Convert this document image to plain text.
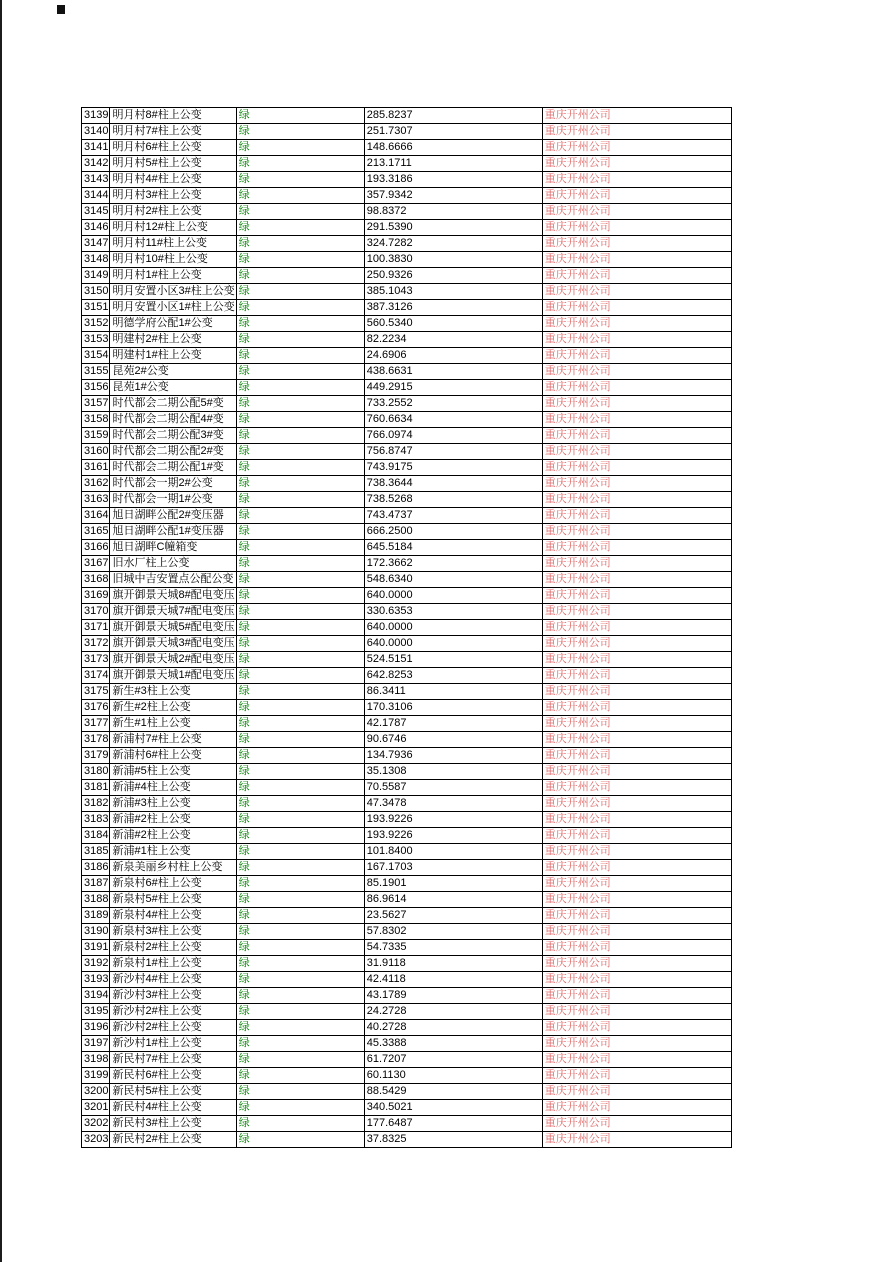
3139	明月村8#柱上公变	绿	285.8237	重庆开州公司
3140	明月村7#柱上公变	绿	251.7307	重庆开州公司
3141	明月村6#柱上公变	绿	148.6666	重庆开州公司
3142	明月村5#柱上公变	绿	213.1711	重庆开州公司
3143	明月村4#柱上公变	绿	193.3186	重庆开州公司
3144	明月村3#柱上公变	绿	357.9342	重庆开州公司
3145	明月村2#柱上公变	绿	98.8372	重庆开州公司
3146	明月村12#柱上公变	绿	291.5390	重庆开州公司
3147	明月村11#柱上公变	绿	324.7282	重庆开州公司
3148	明月村10#柱上公变	绿	100.3830	重庆开州公司
3149	明月村1#柱上公变	绿	250.9326	重庆开州公司
3150	明月安置小区3#柱上公变	绿	385.1043	重庆开州公司
3151	明月安置小区1#柱上公变	绿	387.3126	重庆开州公司
3152	明德学府公配1#公变	绿	560.5340	重庆开州公司
3153	明建村2#柱上公变	绿	82.2234	重庆开州公司
3154	明建村1#柱上公变	绿	24.6906	重庆开州公司
3155	昆苑2#公变	绿	438.6631	重庆开州公司
3156	昆苑1#公变	绿	449.2915	重庆开州公司
3157	时代都会二期公配5#变	绿	733.2552	重庆开州公司
3158	时代都会二期公配4#变	绿	760.6634	重庆开州公司
3159	时代都会二期公配3#变	绿	766.0974	重庆开州公司
3160	时代都会二期公配2#变	绿	756.8747	重庆开州公司
3161	时代都会二期公配1#变	绿	743.9175	重庆开州公司
3162	时代都会一期2#公变	绿	738.3644	重庆开州公司
3163	时代都会一期1#公变	绿	738.5268	重庆开州公司
3164	旭日湖畔公配2#变压器	绿	743.4737	重庆开州公司
3165	旭日湖畔公配1#变压器	绿	666.2500	重庆开州公司
3166	旭日湖畔C幢箱变	绿	645.5184	重庆开州公司
3167	旧水厂柱上公变	绿	172.3662	重庆开州公司
3168	旧城中吉安置点公配公变	绿	548.6340	重庆开州公司
3169	旗开御景天城8#配电变压	绿	640.0000	重庆开州公司
3170	旗开御景天城7#配电变压	绿	330.6353	重庆开州公司
3171	旗开御景天城5#配电变压	绿	640.0000	重庆开州公司
3172	旗开御景天城3#配电变压	绿	640.0000	重庆开州公司
3173	旗开御景天城2#配电变压	绿	524.5151	重庆开州公司
3174	旗开御景天城1#配电变压	绿	642.8253	重庆开州公司
3175	新生#3柱上公变	绿	86.3411	重庆开州公司
3176	新生#2柱上公变	绿	170.3106	重庆开州公司
3177	新生#1柱上公变	绿	42.1787	重庆开州公司
3178	新浦村7#柱上公变	绿	90.6746	重庆开州公司
3179	新浦村6#柱上公变	绿	134.7936	重庆开州公司
3180	新浦#5柱上公变	绿	35.1308	重庆开州公司
3181	新浦#4柱上公变	绿	70.5587	重庆开州公司
3182	新浦#3柱上公变	绿	47.3478	重庆开州公司
3183	新浦#2柱上公变	绿	193.9226	重庆开州公司
3184	新浦#2柱上公变	绿	193.9226	重庆开州公司
3185	新浦#1柱上公变	绿	101.8400	重庆开州公司
3186	新泉美丽乡村柱上公变	绿	167.1703	重庆开州公司
3187	新泉村6#柱上公变	绿	85.1901	重庆开州公司
3188	新泉村5#柱上公变	绿	86.9614	重庆开州公司
3189	新泉村4#柱上公变	绿	23.5627	重庆开州公司
3190	新泉村3#柱上公变	绿	57.8302	重庆开州公司
3191	新泉村2#柱上公变	绿	54.7335	重庆开州公司
3192	新泉村1#柱上公变	绿	31.9118	重庆开州公司
3193	新沙村4#柱上公变	绿	42.4118	重庆开州公司
3194	新沙村3#柱上公变	绿	43.1789	重庆开州公司
3195	新沙村2#柱上公变	绿	24.2728	重庆开州公司
3196	新沙村2#柱上公变	绿	40.2728	重庆开州公司
3197	新沙村1#柱上公变	绿	45.3388	重庆开州公司
3198	新民村7#柱上公变	绿	61.7207	重庆开州公司
3199	新民村6#柱上公变	绿	60.1130	重庆开州公司
3200	新民村5#柱上公变	绿	88.5429	重庆开州公司
3201	新民村4#柱上公变	绿	340.5021	重庆开州公司
3202	新民村3#柱上公变	绿	177.6487	重庆开州公司
3203	新民村2#柱上公变	绿	37.8325	重庆开州公司
